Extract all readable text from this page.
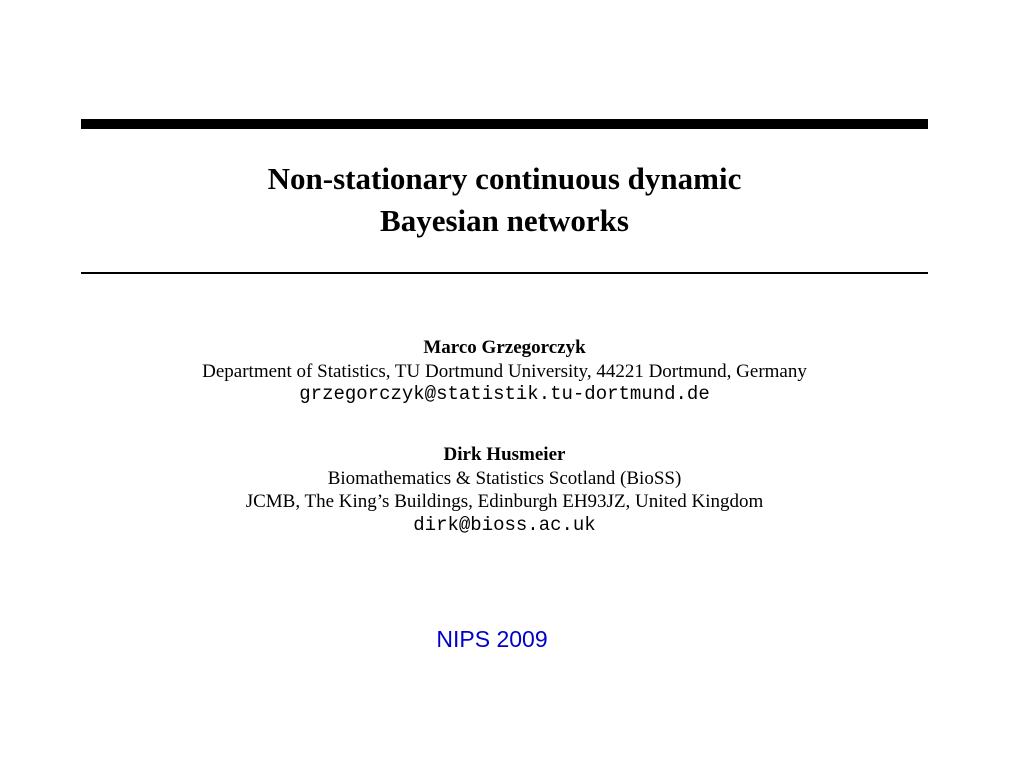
Non-stationary continuous dynamic
Bayesian networks
Marco Grzegorczyk
Department of Statistics, TU Dortmund University, 44221 Dortmund, Germany
grzegorczyk@statistik.tu-dortmund.de
Dirk Husmeier
Biomathematics & Statistics Scotland (BioSS)
JCMB, The King’s Buildings, Edinburgh EH93JZ, United Kingdom
dirk@bioss.ac.uk
NIPS 2009
